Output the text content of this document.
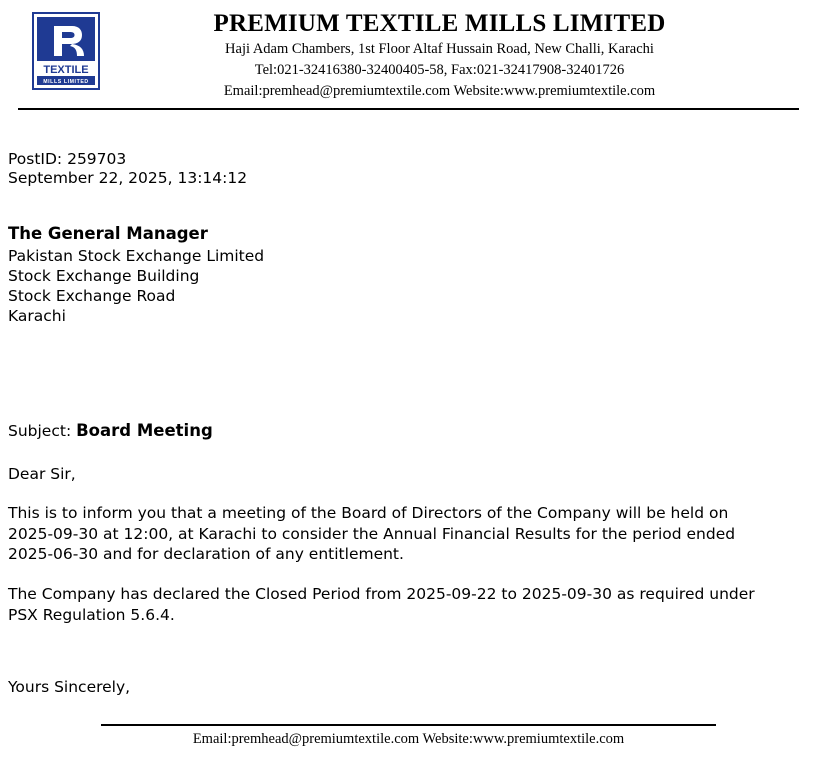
TEXTILE
MILLS LIMITED
PREMIUM TEXTILE MILLS LIMITED
Haji Adam Chambers, 1st Floor Altaf Hussain Road, New Challi, Karachi
Tel:021-32416380-32400405-58, Fax:021-32417908-32401726
Email:premhead@premiumtextile.com Website:www.premiumtextile.com
PostID: 259703
September 22, 2025, 13:14:12
The General Manager
Pakistan Stock Exchange Limited
Stock Exchange Building
Stock Exchange Road
Karachi
Subject: Board Meeting
Dear Sir,
This is to inform you that a meeting of the Board of Directors of the Company will be held on 2025-09-30 at 12:00, at Karachi to consider the Annual Financial Results for the period ended 2025-06-30 and for declaration of any entitlement.
The Company has declared the Closed Period from 2025-09-22 to 2025-09-30 as required under PSX Regulation 5.6.4.
Yours Sincerely,
Email:premhead@premiumtextile.com Website:www.premiumtextile.com
